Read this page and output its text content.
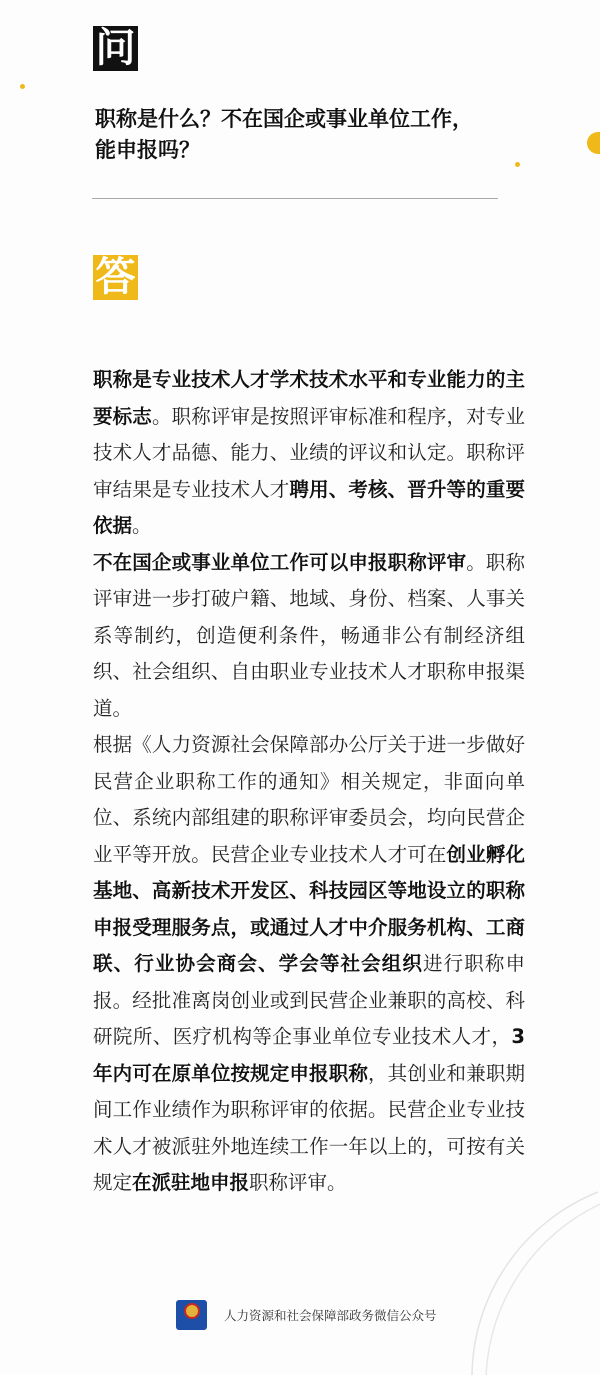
问
职称是什么？不在国企或事业单位工作，能申报吗？
答

职称是专业技术人才学术技术水平和专业能力的主要标志。职称评审是按照评审标准和程序，对专业技术人才品德、能力、业绩的评议和认定。职称评审结果是专业技术人才聘用、考核、晋升等的重要依据。

不在国企或事业单位工作可以申报职称评审。职称评审进一步打破户籍、地域、身份、档案、人事关系等制约，创造便利条件，畅通非公有制经济组织、社会组织、自由职业专业技术人才职称申报渠道。

根据《人力资源社会保障部办公厅关于进一步做好民营企业职称工作的通知》相关规定，非面向单位、系统内部组建的职称评审委员会，均向民营企业平等开放。民营企业专业技术人才可在创业孵化基地、高新技术开发区、科技园区等地设立的职称申报受理服务点，或通过人才中介服务机构、工商联、行业协会商会、学会等社会组织进行职称申报。经批准离岗创业或到民营企业兼职的高校、科研院所、医疗机构等企事业单位专业技术人才，3年内可在原单位按规定申报职称，其创业和兼职期间工作业绩作为职称评审的依据。民营企业专业技术人才被派驻外地连续工作一年以上的，可按有关规定在派驻地申报职称评审。

人力资源和社会保障部政务微信公众号
